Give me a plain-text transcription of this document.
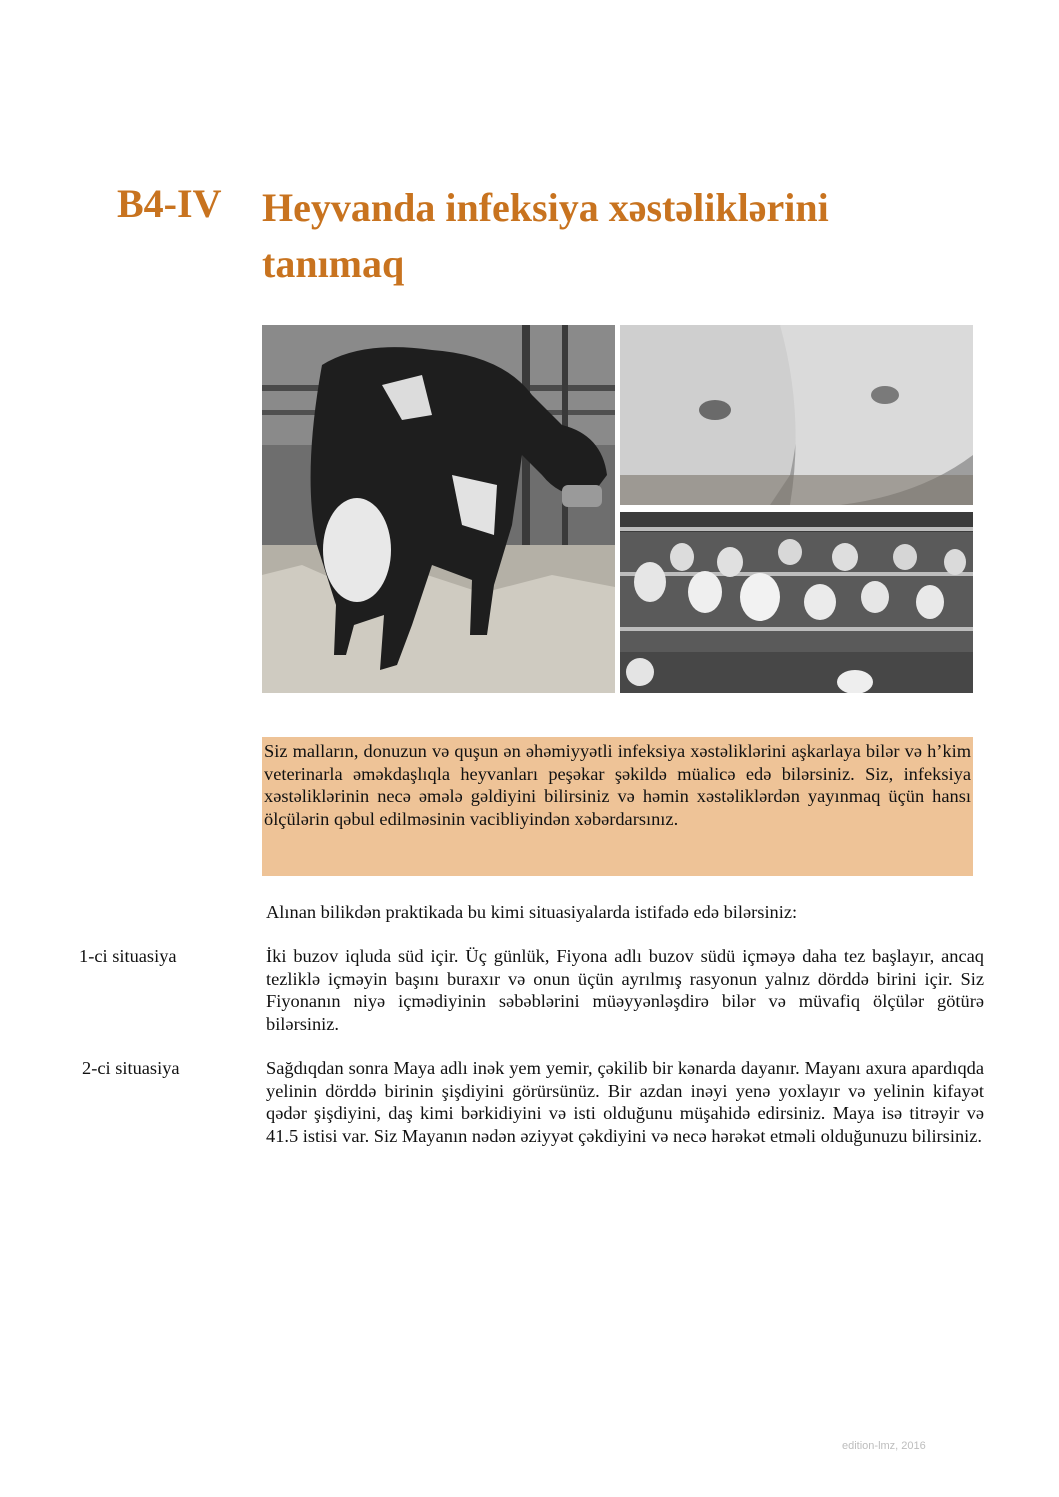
B4-IV Heyvanda infeksiya xəstəliklərini tanımaq
Siz malların, donuzun və quşun ən əhəmiyyətli infeksiya xəstəliklərini aşkarlaya bilər və h’kim veterinarla əməkdaşlıqla heyvanları peşəkar şəkildə müalicə edə bilərsiniz. Siz, infeksiya xəstəliklərinin necə əmələ gəldiyini bilirsiniz və həmin xəstəliklərdən yayınmaq üçün hansı ölçülərin qəbul edilməsinin vacibliyindən xəbərdarsınız.
Alınan bilikdən praktikada bu kimi situasiyalarda istifadə edə bilərsiniz:
1-ci situasiya	İki buzov iqluda süd içir. Üç günlük, Fiyona adlı buzov südü içməyə daha tez başlayır, ancaq tezliklə içməyin başını buraxır və onun üçün ayrılmış rasyonun yalnız dörddə birini içir. Siz Fiyonanın niyə içmədiyinin səbəblərini müəyyənləşdirə bilər və müvafiq ölçülər götürə bilərsiniz.
2-ci situasiya	Sağdıqdan sonra Maya adlı inək yem yemir, çəkilib bir kənarda dayanır. Mayanı axura apardıqda yelinin dörddə birinin şişdiyini görürsünüz. Bir azdan inəyi yenə yoxlayır və yelinin kifayət qədər şişdiyini, daş kimi bərkidiyini və isti olduğunu müşahidə edirsiniz. Maya isə titrəyir və 41.5 istisi var. Siz Mayanın nədən əziyyət çəkdiyini və necə hərəkət etməli olduğunuzu bilirsiniz.
edition-lmz, 2016
